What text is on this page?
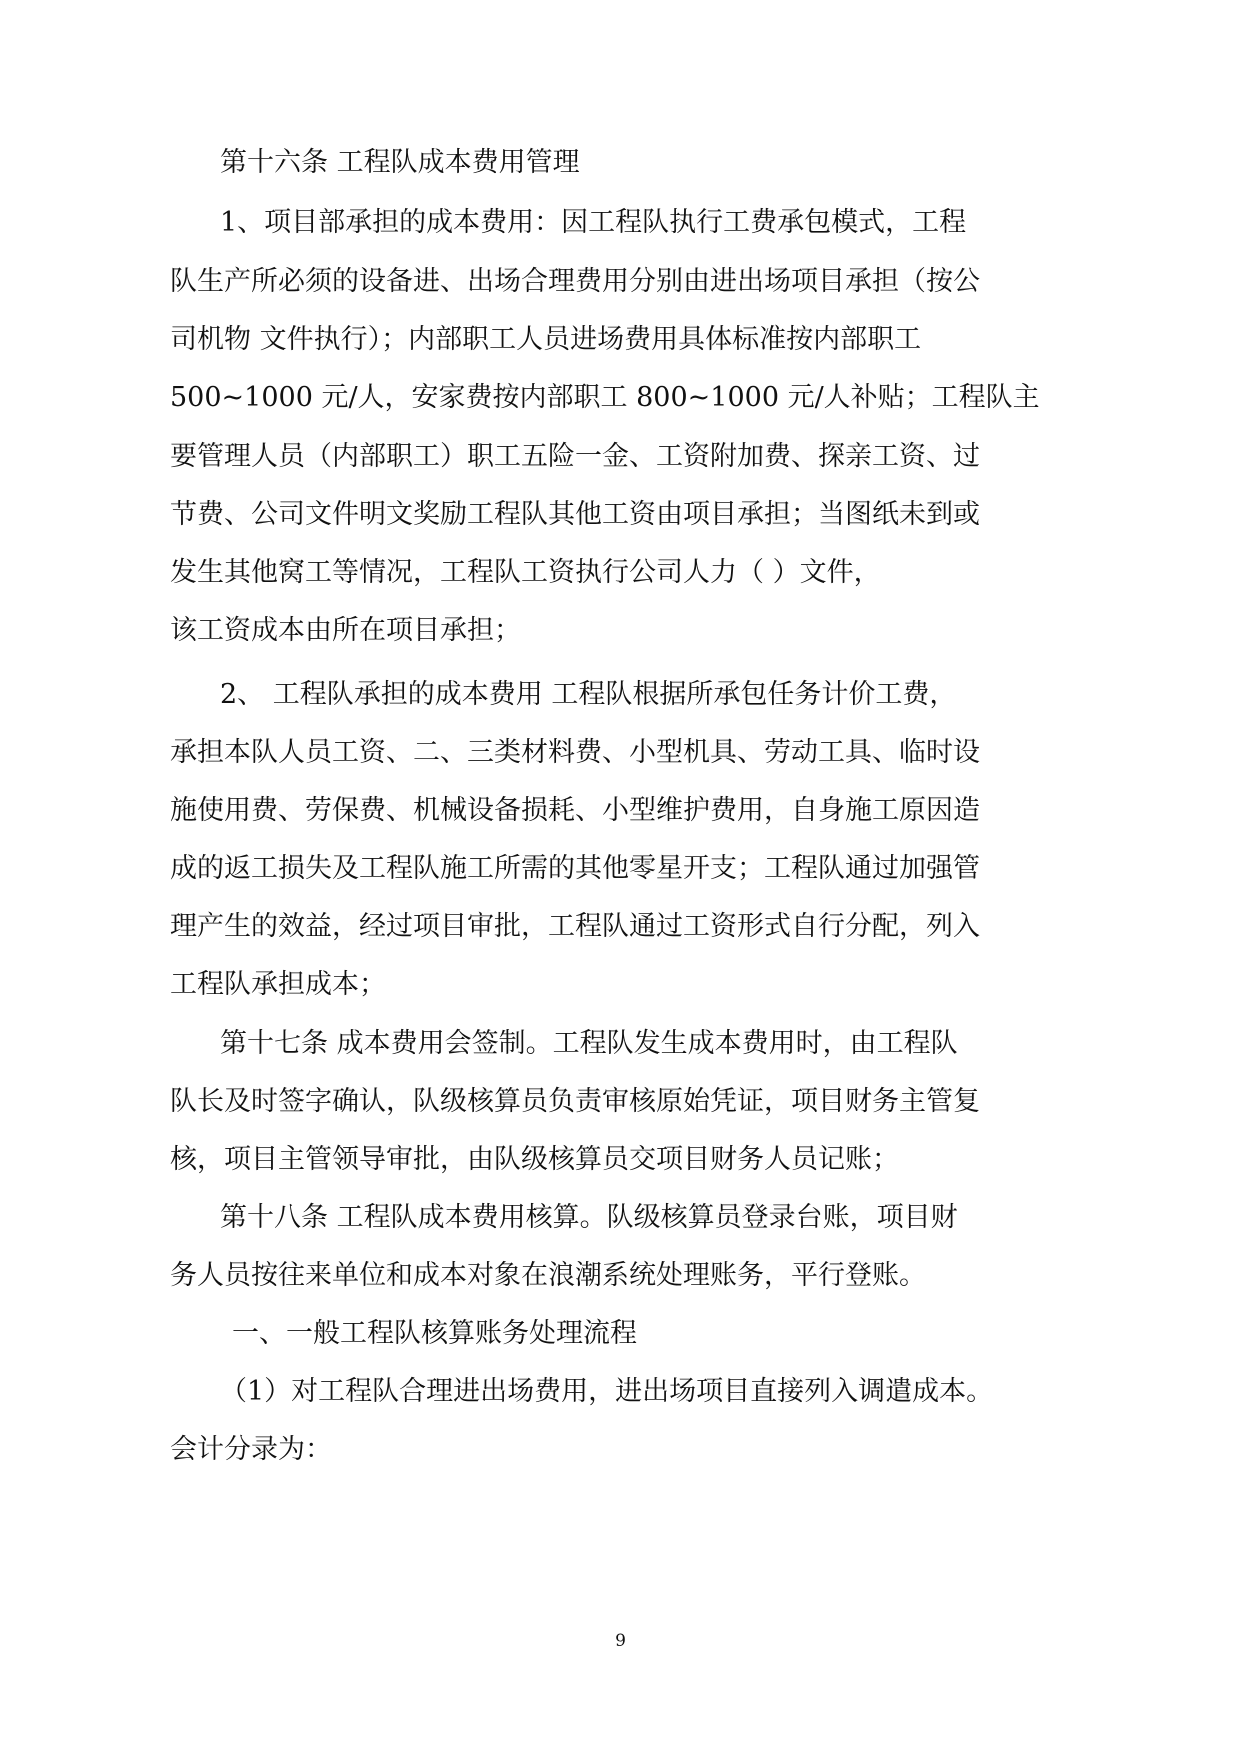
第十六条 工程队成本费用管理
1、项目部承担的成本费用：因工程队执行工费承包模式，工程
队生产所必须的设备进、出场合理费用分别由进出场项目承担（按公
司机物 文件执行）；内部职工人员进场费用具体标准按内部职工
500~1000 元/人，安家费按内部职工 800~1000 元/人补贴；工程队主
要管理人员（内部职工）职工五险一金、工资附加费、探亲工资、过
节费、公司文件明文奖励工程队其他工资由项目承担；当图纸未到或
发生其他窝工等情况，工程队工资执行公司人力（ ）文件，
该工资成本由所在项目承担；
2、 工程队承担的成本费用 工程队根据所承包任务计价工费，
承担本队人员工资、二、三类材料费、小型机具、劳动工具、临时设
施使用费、劳保费、机械设备损耗、小型维护费用，自身施工原因造
成的返工损失及工程队施工所需的其他零星开支；工程队通过加强管
理产生的效益，经过项目审批，工程队通过工资形式自行分配，列入
工程队承担成本；
第十七条 成本费用会签制。工程队发生成本费用时，由工程队
队长及时签字确认，队级核算员负责审核原始凭证，项目财务主管复
核，项目主管领导审批，由队级核算员交项目财务人员记账；
第十八条 工程队成本费用核算。队级核算员登录台账，项目财
务人员按往来单位和成本对象在浪潮系统处理账务，平行登账。
一、一般工程队核算账务处理流程
（1）对工程队合理进出场费用，进出场项目直接列入调遣成本。
会计分录为：
9
